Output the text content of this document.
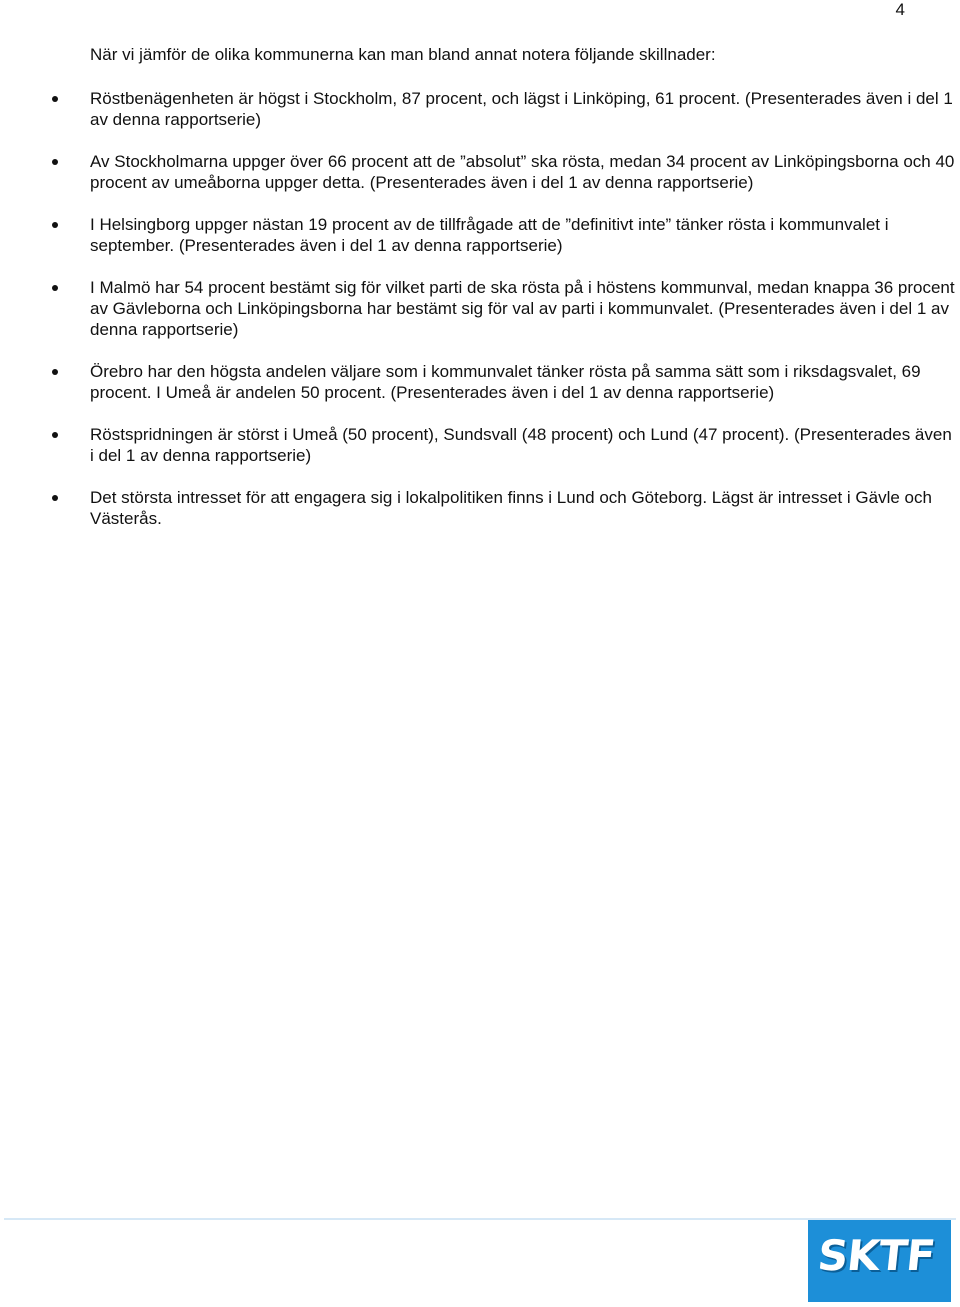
4

När vi jämför de olika kommunerna kan man bland annat notera följande skillnader:

Röstbenägenheten är högst i Stockholm, 87 procent, och lägst i Linköping, 61 procent. (Presenterades även i del 1 av denna rapportserie)
Av Stockholmarna uppger över 66 procent att de ”absolut” ska rösta, medan 34 procent av Linköpingsborna och 40 procent av umeåborna uppger detta. (Presenterades även i del 1 av denna rapportserie)
I Helsingborg uppger nästan 19 procent av de tillfrågade att de ”definitivt inte” tänker rösta i kommunvalet i september. (Presenterades även i del 1 av denna rapportserie)
I Malmö har 54 procent bestämt sig för vilket parti de ska rösta på i höstens kommunval, medan knappa 36 procent av Gävleborna och Linköpingsborna har bestämt sig för val av parti i kommunvalet. (Presenterades även i del 1 av denna rapportserie)
Örebro har den högsta andelen väljare som i kommunvalet tänker rösta på samma sätt som i riksdagsvalet, 69 procent. I Umeå är andelen 50 procent. (Presenterades även i del 1 av denna rapportserie)
Röstspridningen är störst i Umeå (50 procent), Sundsvall (48 procent) och Lund (47 procent). (Presenterades även i del 1 av denna rapportserie)
Det största intresset för att engagera sig i lokalpolitiken finns i Lund och Göteborg. Lägst är intresset i Gävle och Västerås.
SKTF
